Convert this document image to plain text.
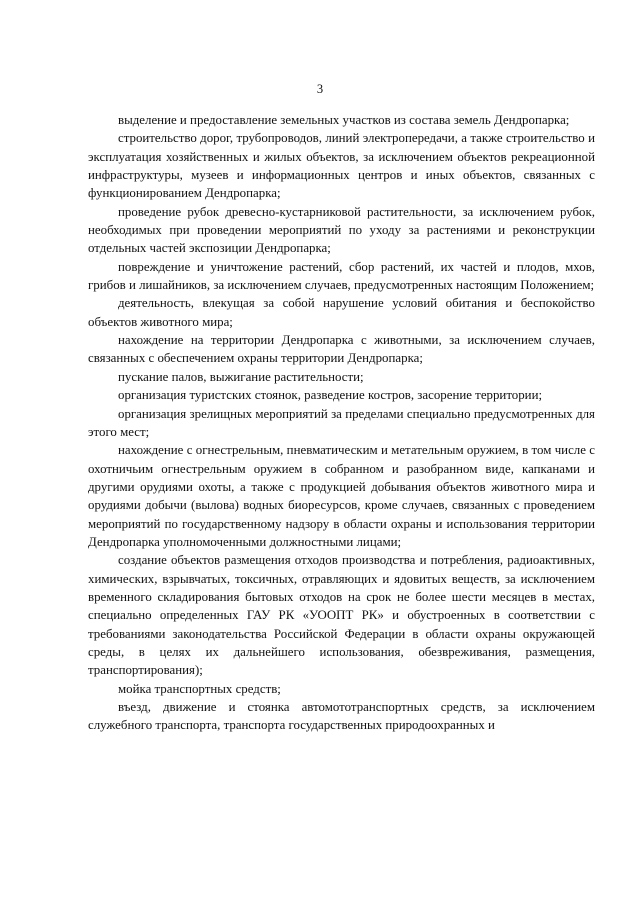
3

выделение и предоставление земельных участков из состава земель Дендропарка;

строительство дорог, трубопроводов, линий электропередачи, а также строительство и эксплуатация хозяйственных и жилых объектов, за исключением объектов рекреационной инфраструктуры, музеев и информационных центров и иных объектов, связанных с функционированием Дендропарка;

проведение рубок древесно-кустарниковой растительности, за исключением рубок, необходимых при проведении мероприятий по уходу за растениями и реконструкции отдельных частей экспозиции Дендропарка;

повреждение и уничтожение растений, сбор растений, их частей и плодов, мхов, грибов и лишайников, за исключением случаев, предусмотренных настоящим Положением;

деятельность, влекущая за собой нарушение условий обитания и беспокойство объектов животного мира;

нахождение на территории Дендропарка с животными, за исключением случаев, связанных с обеспечением охраны территории Дендропарка;

пускание палов, выжигание растительности;

организация туристских стоянок, разведение костров, засорение территории;

организация зрелищных мероприятий за пределами специально предусмотренных для этого мест;

нахождение с огнестрельным, пневматическим и метательным оружием, в том числе с охотничьим огнестрельным оружием в собранном и разобранном виде, капканами и другими орудиями охоты, а также с продукцией добывания объектов животного мира и орудиями добычи (вылова) водных биоресурсов, кроме случаев, связанных с проведением мероприятий по государственному надзору в области охраны и использования территории Дендропарка уполномоченными должностными лицами;

создание объектов размещения отходов производства и потребления, радиоактивных, химических, взрывчатых, токсичных, отравляющих и ядовитых веществ, за исключением временного складирования бытовых отходов на срок не более шести месяцев в местах, специально определенных ГАУ РК «УООПТ РК» и обустроенных в соответствии с требованиями законодательства Российской Федерации в области охраны окружающей среды, в целях их дальнейшего использования, обезвреживания, размещения, транспортирования);

мойка транспортных средств;

въезд, движение и стоянка автомототранспортных средств, за исключением служебного транспорта, транспорта государственных природоохранных и
